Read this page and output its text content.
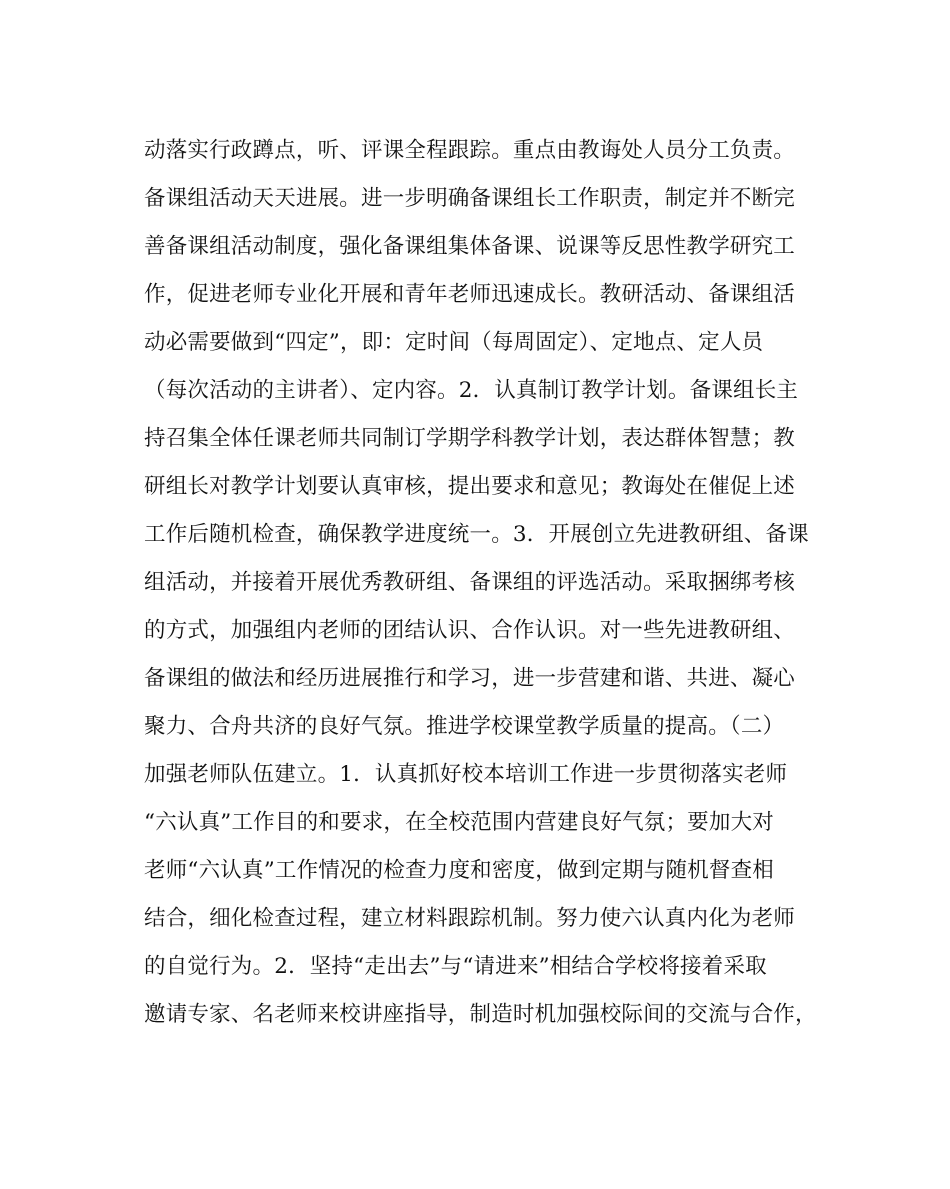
动落实行政蹲点，听、评课全程跟踪。重点由教诲处人员分工负责。
备课组活动天天进展。进一步明确备课组长工作职责，制定并不断完
善备课组活动制度，强化备课组集体备课、说课等反思性教学研究工
作，促进老师专业化开展和青年老师迅速成长。教研活动、备课组活
动必需要做到“四定”，即：定时间（每周固定）、定地点、定人员
（每次活动的主讲者）、定内容。2．认真制订教学计划。备课组长主
持召集全体任课老师共同制订学期学科教学计划，表达群体智慧；教
研组长对教学计划要认真审核，提出要求和意见；教诲处在催促上述
工作后随机检查，确保教学进度统一。3．开展创立先进教研组、备课
组活动，并接着开展优秀教研组、备课组的评选活动。采取捆绑考核
的方式，加强组内老师的团结认识、合作认识。对一些先进教研组、
备课组的做法和经历进展推行和学习，进一步营建和谐、共进、凝心
聚力、合舟共济的良好气氛。推进学校课堂教学质量的提高。（二）
加强老师队伍建立。1．认真抓好校本培训工作进一步贯彻落实老师
“六认真”工作目的和要求，在全校范围内营建良好气氛；要加大对
老师“六认真”工作情况的检查力度和密度，做到定期与随机督查相
结合，细化检查过程，建立材料跟踪机制。努力使六认真内化为老师
的自觉行为。2．坚持“走出去”与“请进来”相结合学校将接着采取
邀请专家、名老师来校讲座指导，制造时机加强校际间的交流与合作，
